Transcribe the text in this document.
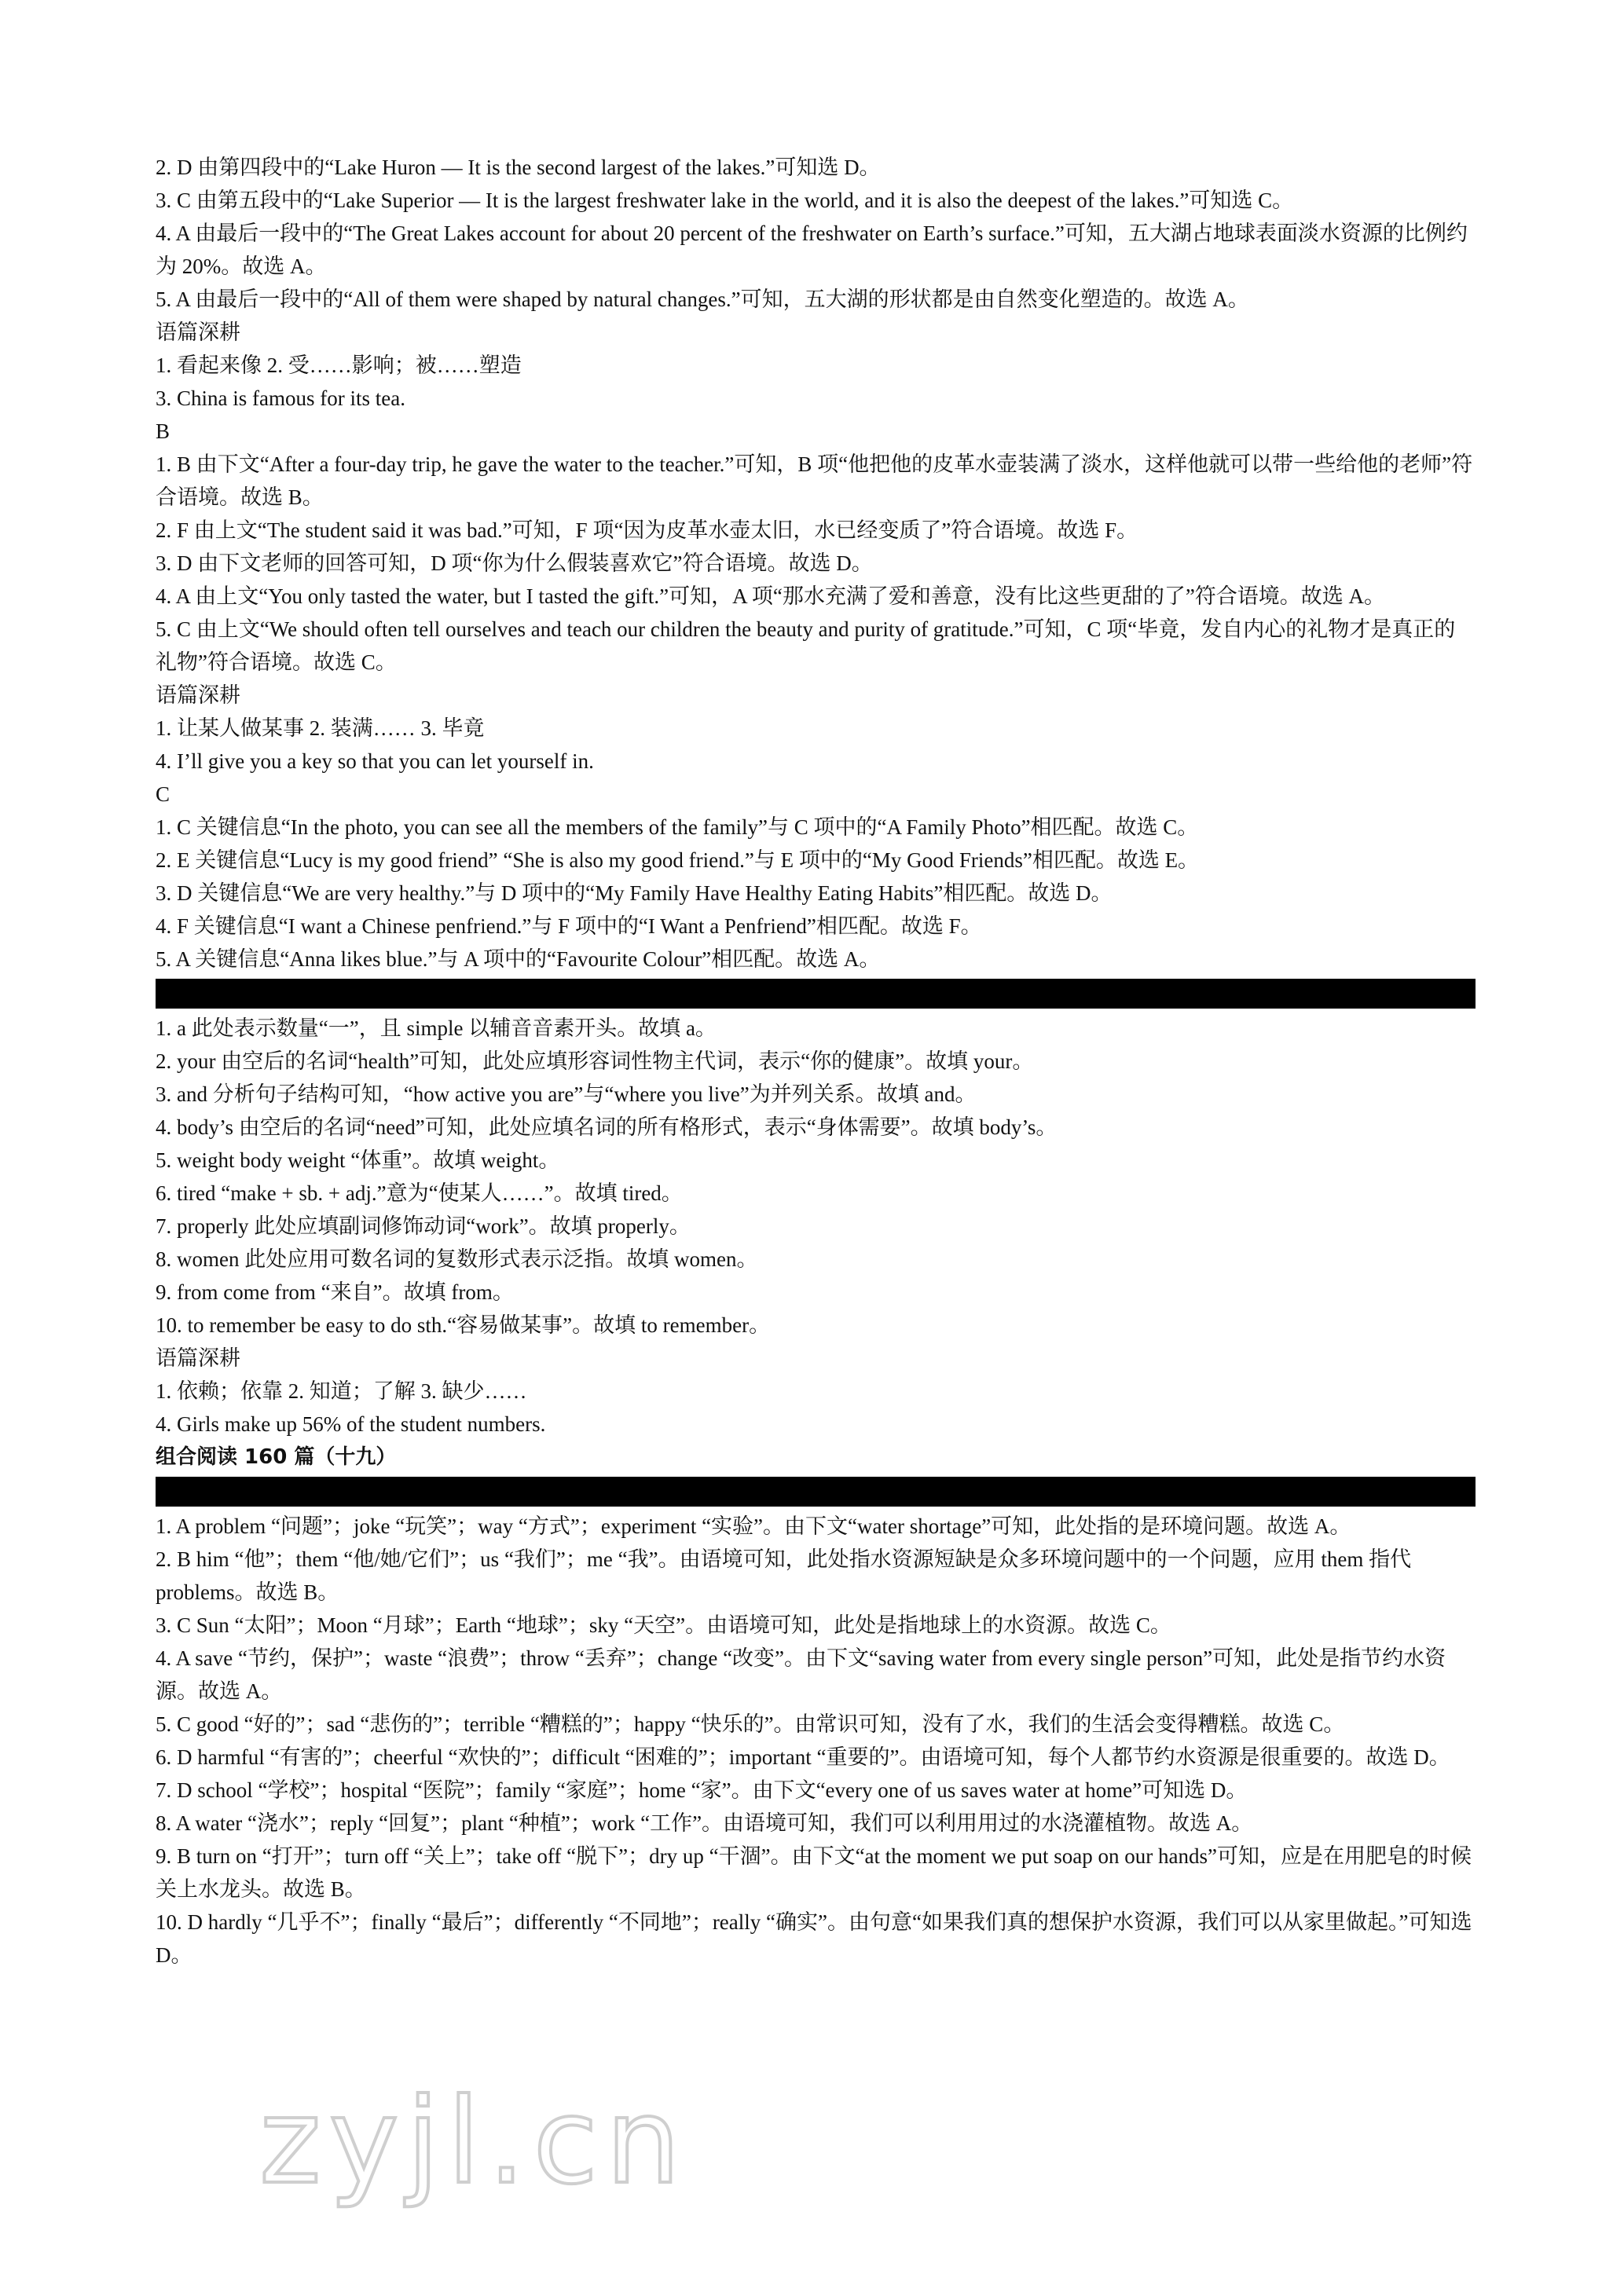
2. D 由第四段中的“Lake Huron — It is the second largest of the lakes.”可知选 D。
3. C 由第五段中的“Lake Superior — It is the largest freshwater lake in the world, and it is also the deepest of the lakes.”可知选 C。
4. A 由最后一段中的“The Great Lakes account for about 20 percent of the freshwater on Earth’s surface.”可知，五大湖占地球表面淡水资源的比例约为 20%。故选 A。
5. A 由最后一段中的“All of them were shaped by natural changes.”可知，五大湖的形状都是由自然变化塑造的。故选 A。
语篇深耕
1. 看起来像 2. 受……影响；被……塑造
3. China is famous for its tea.
B
1. B 由下文“After a four-day trip, he gave the water to the teacher.”可知，B 项“他把他的皮革水壶装满了淡水，这样他就可以带一些给他的老师”符合语境。故选 B。
2. F 由上文“The student said it was bad.”可知，F 项“因为皮革水壶太旧，水已经变质了”符合语境。故选 F。
3. D 由下文老师的回答可知，D 项“你为什么假装喜欢它”符合语境。故选 D。
4. A 由上文“You only tasted the water, but I tasted the gift.”可知，A 项“那水充满了爱和善意，没有比这些更甜的了”符合语境。故选 A。
5. C 由上文“We should often tell ourselves and teach our children the beauty and purity of gratitude.”可知，C 项“毕竟，发自内心的礼物才是真正的礼物”符合语境。故选 C。
语篇深耕
1. 让某人做某事 2. 装满…… 3. 毕竟
4. I’ll give you a key so that you can let yourself in.
C
1. C 关键信息“In the photo, you can see all the members of the family”与 C 项中的“A Family Photo”相匹配。故选 C。
2. E 关键信息“Lucy is my good friend” “She is also my good friend.”与 E 项中的“My Good Friends”相匹配。故选 E。
3. D 关键信息“We are very healthy.”与 D 项中的“My Family Have Healthy Eating Habits”相匹配。故选 D。
4. F 关键信息“I want a Chinese penfriend.”与 F 项中的“I Want a Penfriend”相匹配。故选 F。
5. A 关键信息“Anna likes blue.”与 A 项中的“Favourite Colour”相匹配。故选 A。
1. a 此处表示数量“一”，且 simple 以辅音音素开头。故填 a。
2. your 由空后的名词“health”可知，此处应填形容词性物主代词，表示“你的健康”。故填 your。
3. and 分析句子结构可知，“how active you are”与“where you live”为并列关系。故填 and。
4. body’s 由空后的名词“need”可知，此处应填名词的所有格形式，表示“身体需要”。故填 body’s。
5. weight body weight “体重”。故填 weight。
6. tired “make + sb. + adj.”意为“使某人……”。故填 tired。
7. properly 此处应填副词修饰动词“work”。故填 properly。
8. women 此处应用可数名词的复数形式表示泛指。故填 women。
9. from come from “来自”。故填 from。
10. to remember be easy to do sth.“容易做某事”。故填 to remember。
语篇深耕
1. 依赖；依靠 2. 知道；了解 3. 缺少……
4. Girls make up 56% of the student numbers.
组合阅读 160 篇（十九）
1. A problem “问题”；joke “玩笑”；way “方式”；experiment “实验”。由下文“water shortage”可知，此处指的是环境问题。故选 A。
2. B him “他”；them “他/她/它们”；us “我们”；me “我”。由语境可知，此处指水资源短缺是众多环境问题中的一个问题，应用 them 指代 problems。故选 B。
3. C Sun “太阳”；Moon “月球”；Earth “地球”；sky “天空”。由语境可知，此处是指地球上的水资源。故选 C。
4. A save “节约，保护”；waste “浪费”；throw “丢弃”；change “改变”。由下文“saving water from every single person”可知，此处是指节约水资源。故选 A。
5. C good “好的”；sad “悲伤的”；terrible “糟糕的”；happy “快乐的”。由常识可知，没有了水，我们的生活会变得糟糕。故选 C。
6. D harmful “有害的”；cheerful “欢快的”；difficult “困难的”；important “重要的”。由语境可知，每个人都节约水资源是很重要的。故选 D。
7. D school “学校”；hospital “医院”；family “家庭”；home “家”。由下文“every one of us saves water at home”可知选 D。
8. A water “浇水”；reply “回复”；plant “种植”；work “工作”。由语境可知，我们可以利用用过的水浇灌植物。故选 A。
9. B turn on “打开”；turn off “关上”；take off “脱下”；dry up “干涸”。由下文“at the moment we put soap on our hands”可知，应是在用肥皂的时候关上水龙头。故选 B。
10. D hardly “几乎不”；finally “最后”；differently “不同地”；really “确实”。由句意“如果我们真的想保护水资源，我们可以从家里做起。”可知选 D。
zyjl.cn
